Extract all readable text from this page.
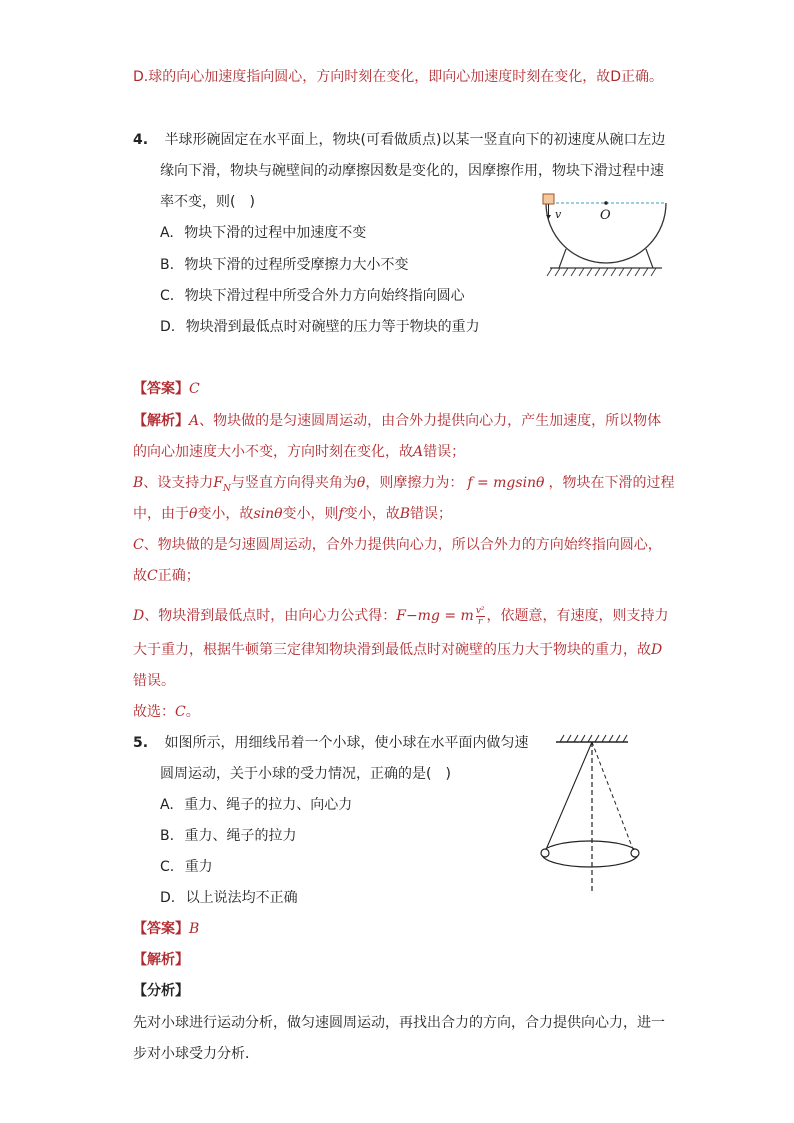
D.球的向心加速度指向圆心，方向时刻在变化，即向心加速度时刻在变化，故D正确。
4. 半球形碗固定在水平面上，物块(可看做质点)以某一竖直向下的初速度从碗口左边
缘向下滑，物块与碗壁间的动摩擦因数是变化的，因摩擦作用，物块下滑过程中速
率不变，则(　)
A. 物块下滑的过程中加速度不变
B. 物块下滑的过程所受摩擦力大小不变
C. 物块下滑过程中所受合外力方向始终指向圆心
D. 物块滑到最低点时对碗壁的压力等于物块的重力
v	O
【答案】C
【解析】A、物块做的是匀速圆周运动，由合外力提供向心力，产生加速度，所以物体
的向心加速度大小不变，方向时刻在变化，故A错误；
B、设支持力$F_N$与竖直方向得夹角为θ，则摩擦力为： f = mgsinθ ，物块在下滑的过程
中，由于θ变小，故sinθ变小，则f变小，故B错误；
C、物块做的是匀速圆周运动，合外力提供向心力，所以合外力的方向始终指向圆心，
故C正确；
D、物块滑到最低点时，由向心力公式得：F−mg = m $\frac{\text{v²}}{r}$ ，依题意，有速度，则支持力
大于重力，根据牛顿第三定律知物块滑到最低点时对碗壁的压力大于物块的重力，故D
错误。
故选：C。
5. 如图所示，用细线吊着一个小球，使小球在水平面内做匀速
圆周运动，关于小球的受力情况，正确的是(　)
A. 重力、绳子的拉力、向心力
B. 重力、绳子的拉力
C. 重力
D. 以上说法均不正确
【答案】B
【解析】
【分析】
先对小球进行运动分析，做匀速圆周运动，再找出合力的方向，合力提供向心力，进一
步对小球受力分析．
